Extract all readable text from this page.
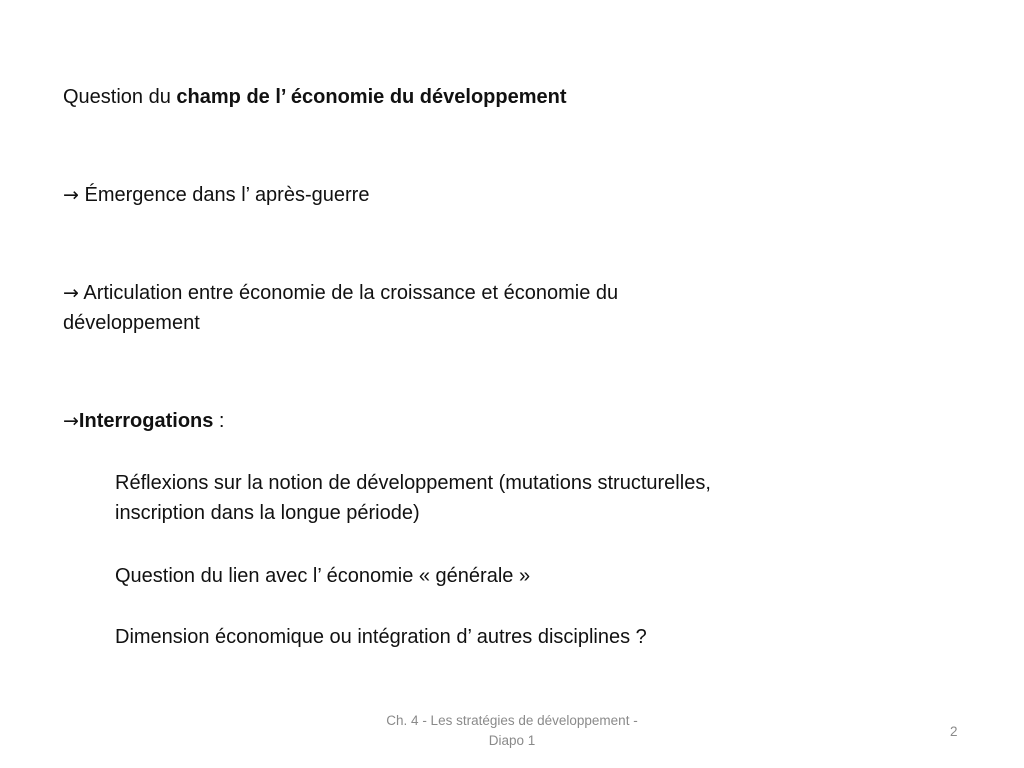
Question du champ de l’ économie du développement
→ Émergence dans l’ après-guerre
→ Articulation entre économie de la croissance et économie du
développement
→Interrogations :
Réflexions sur la notion de développement (mutations structurelles,
inscription dans la longue période)
Question du lien avec l’ économie « générale »
Dimension économique ou intégration d’ autres disciplines ?
Ch. 4 - Les stratégies de développement -
Diapo 1
2
